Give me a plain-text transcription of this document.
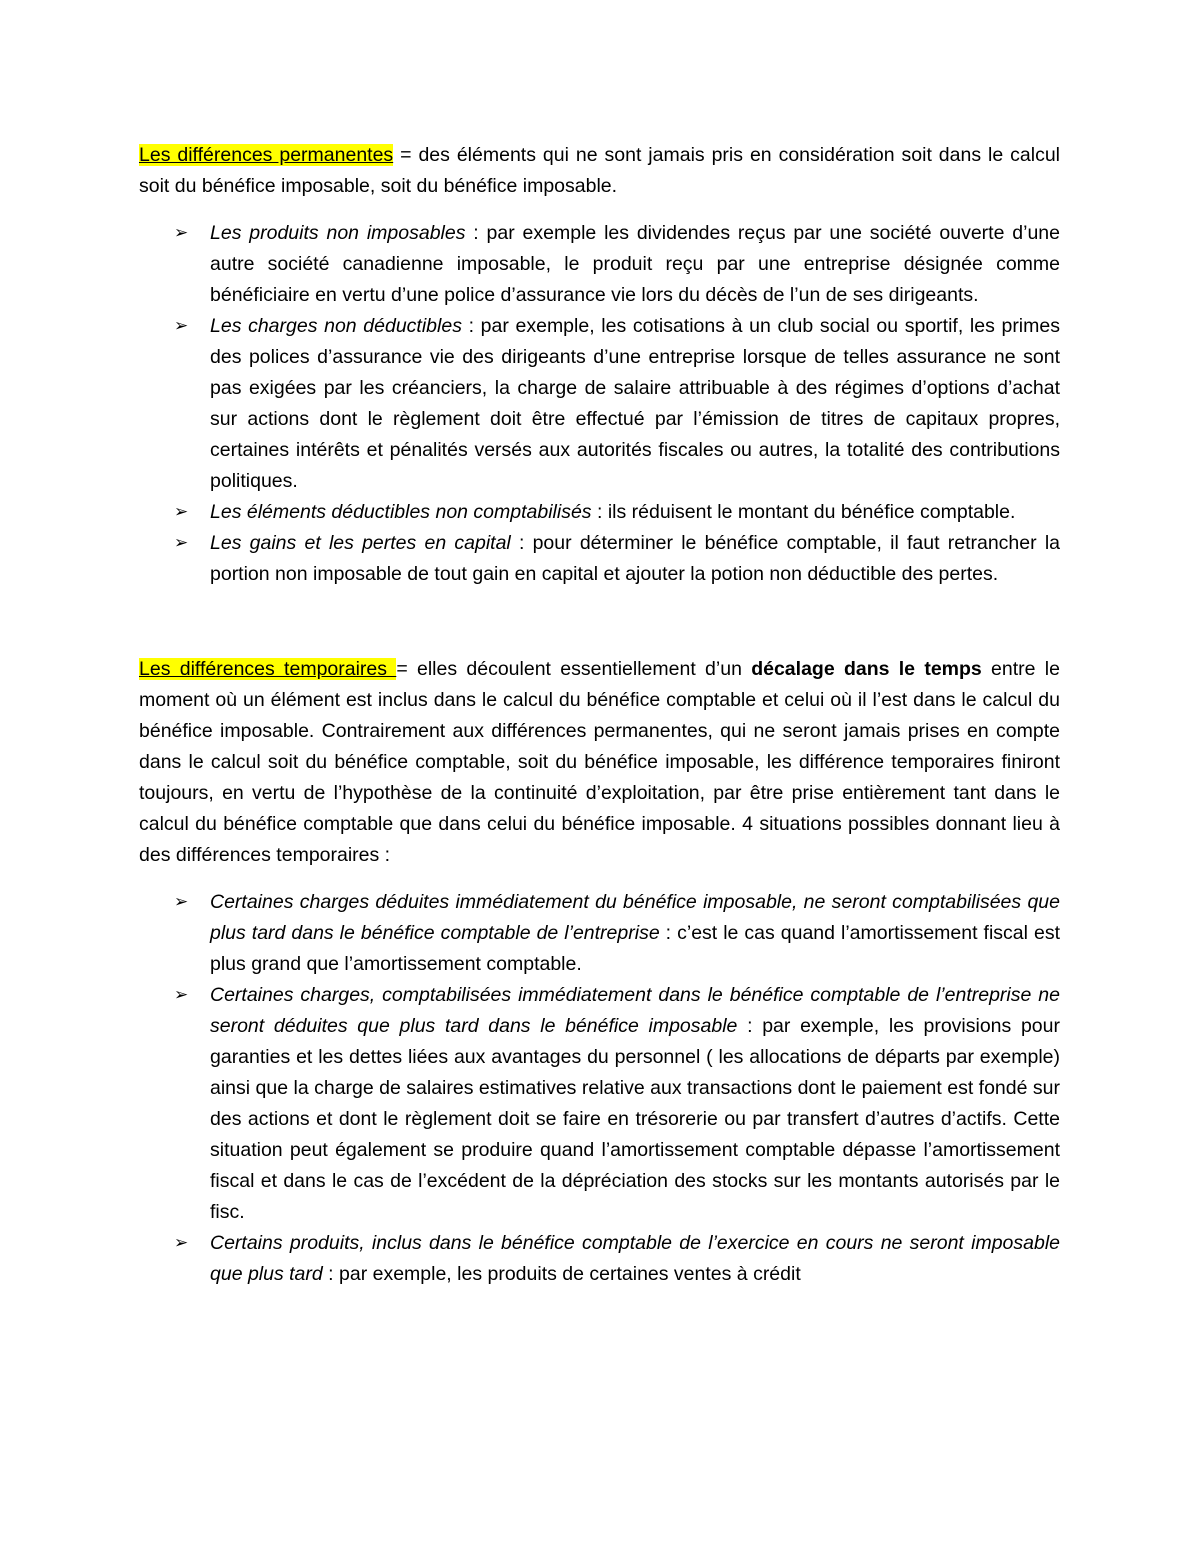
Les différences permanentes = des éléments qui ne sont jamais pris en considération soit dans le calcul soit du bénéfice imposable, soit du bénéfice imposable.

➢ Les produits non imposables : par exemple les dividendes reçus par une société ouverte d’une autre société canadienne imposable, le produit reçu par une entreprise désignée comme bénéficiaire en vertu d’une police d’assurance vie lors du décès de l’un de ses dirigeants.
➢ Les charges non déductibles : par exemple, les cotisations à un club social ou sportif, les primes des polices d’assurance vie des dirigeants d’une entreprise lorsque de telles assurance ne sont pas exigées par les créanciers, la charge de salaire attribuable à des régimes d’options d’achat sur actions dont le règlement doit être effectué par l’émission de titres de capitaux propres, certaines intérêts et pénalités versés aux autorités fiscales ou autres, la totalité des contributions politiques.
➢ Les éléments déductibles non comptabilisés : ils réduisent le montant du bénéfice comptable.
➢ Les gains et les pertes en capital : pour déterminer le bénéfice comptable, il faut retrancher la portion non imposable de tout gain en capital et ajouter la potion non déductible des pertes.

Les différences temporaires = elles découlent essentiellement d’un décalage dans le temps entre le moment où un élément est inclus dans le calcul du bénéfice comptable et celui où il l’est dans le calcul du bénéfice imposable. Contrairement aux différences permanentes, qui ne seront jamais prises en compte dans le calcul soit du bénéfice comptable, soit du bénéfice imposable, les différence temporaires finiront toujours, en vertu de l’hypothèse de la continuité d’exploitation, par être prise entièrement tant dans le calcul du bénéfice comptable que dans celui du bénéfice imposable. 4 situations possibles donnant lieu à des différences temporaires :

➢ Certaines charges déduites immédiatement du bénéfice imposable, ne seront comptabilisées que plus tard dans le bénéfice comptable de l’entreprise : c’est le cas quand l’amortissement fiscal est plus grand que l’amortissement comptable.
➢ Certaines charges, comptabilisées immédiatement dans le bénéfice comptable de l’entreprise ne seront déduites que plus tard dans le bénéfice imposable : par exemple, les provisions pour garanties et les dettes liées aux avantages du personnel ( les allocations de départs par exemple) ainsi que la charge de salaires estimatives relative aux transactions dont le paiement est fondé sur des actions et dont le règlement doit se faire en trésorerie ou par transfert d’autres d’actifs. Cette situation peut également se produire quand l’amortissement comptable dépasse l’amortissement fiscal et dans le cas de l’excédent de la dépréciation des stocks sur les montants autorisés par le fisc.
➢ Certains produits, inclus dans le bénéfice comptable de l’exercice en cours ne seront imposable que plus tard : par exemple, les produits de certaines ventes à crédit
